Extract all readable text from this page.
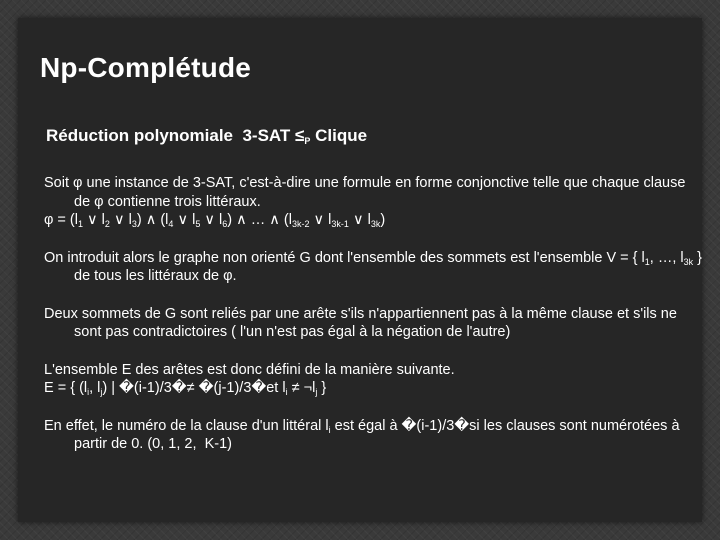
Np-Complétude
Réduction polynomiale  $3-SAT \le_P$ Clique

Soit φ une instance de 3-SAT, c'est-à-dire une formule en forme conjonctive telle que chaque clause de φ contienne trois littéraux.

$\varphi = (l_1$ ∨ $l_2$ ∨ $l_3$) ∧ ($l_4$ ∨ $l_5$ ∨ $l_6$) ∧ … ∧ ($l_{3k-2}$ ∨ $l_{3k-1}$ ∨ $l_{3k}$)

On introduit alors le graphe non orienté G dont l'ensemble des sommets est l'ensemble V = { $l_1$, …, $l_{3k}$ } de tous les littéraux de φ.

Deux sommets de G sont reliés par une arête s'ils n'appartiennent pas à la même clause et s'ils ne sont pas contradictoires ( l'un n'est pas égal à la négation de l'autre)

L'ensemble E des arêtes est donc défini de la manière suivante.

E = { ($l_i$, $l_j$) | �(i-1)/3�≠ �(j-1)/3�et $l_i$ ≠ $\neg l_j$ }

En effet, le numéro de la clause d'un littéral $l_i$ est égal à �(i-1)/3�si les clauses sont numérotées à partir de 0. (0, 1, 2,  K-1)
